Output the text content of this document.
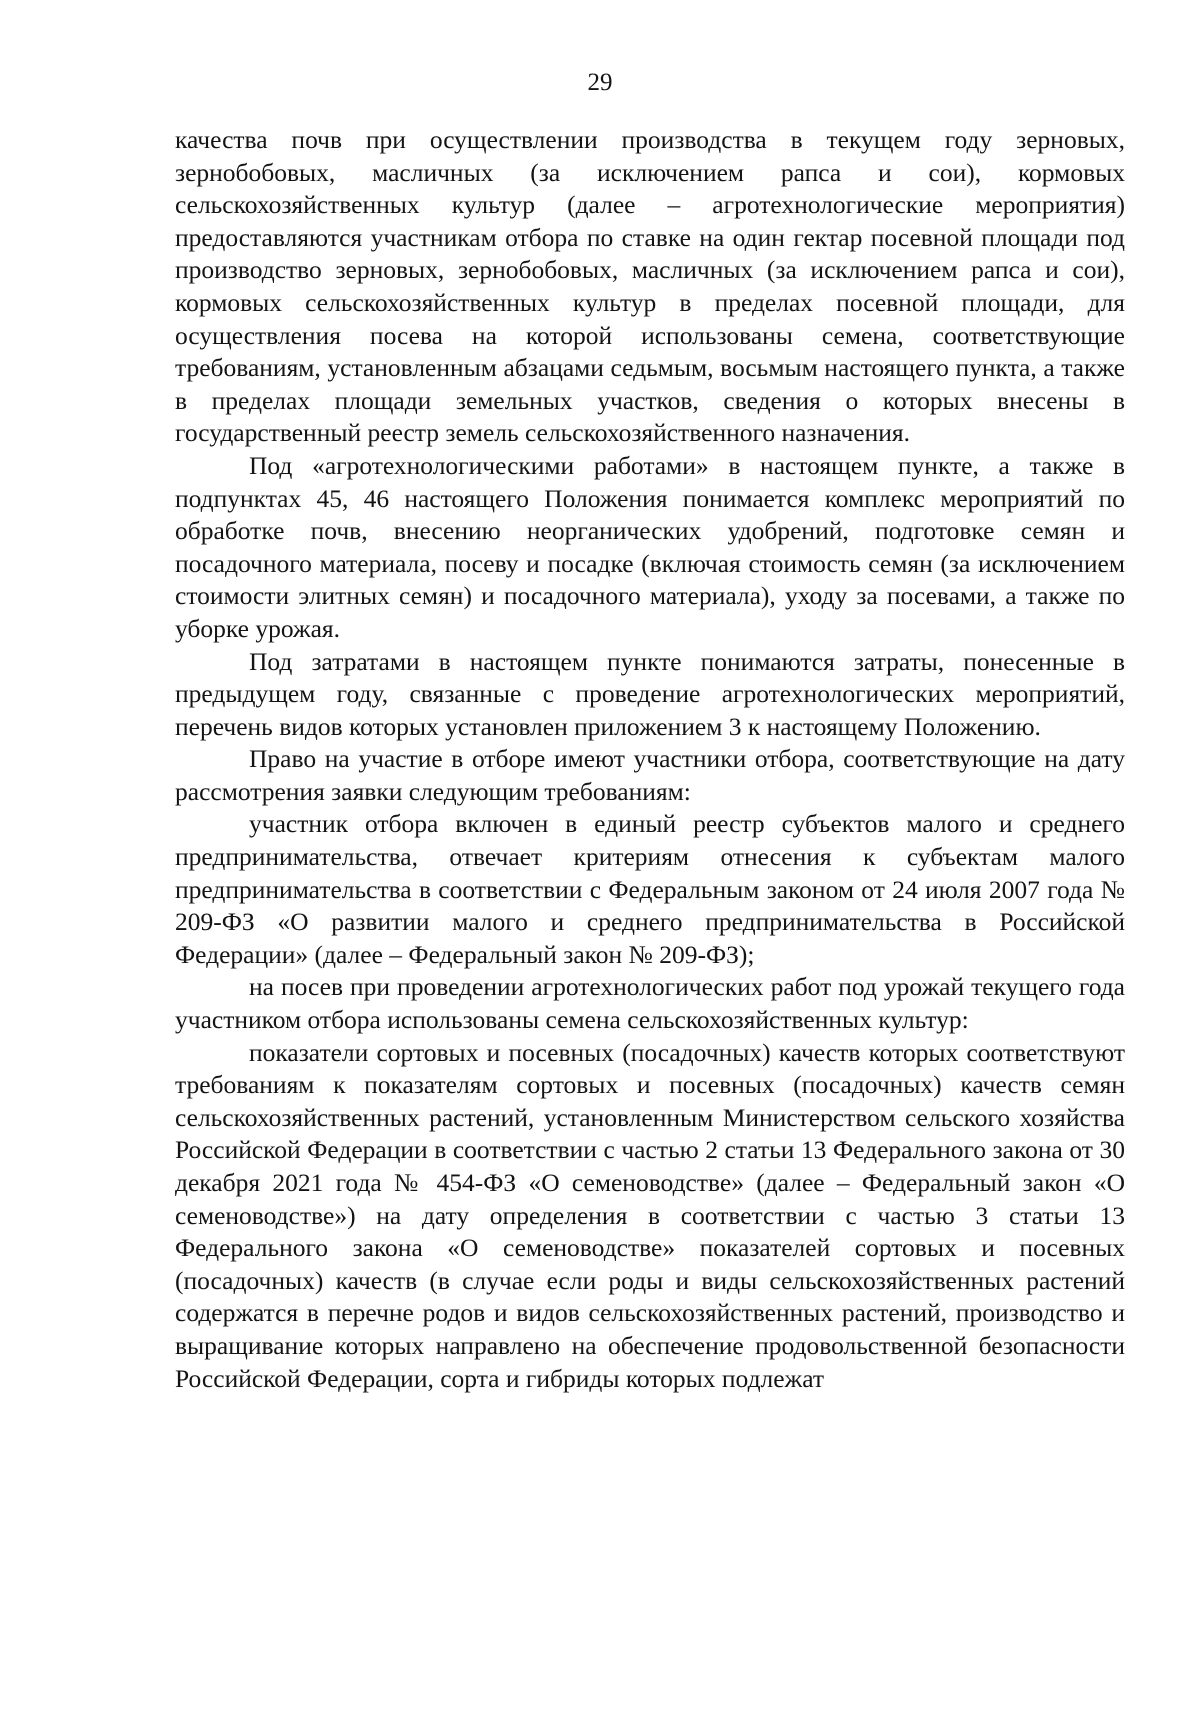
29

качества почв при осуществлении производства в текущем году зерновых, зернобобовых, масличных (за исключением рапса и сои), кормовых сельскохозяйственных культур (далее – агротехнологические мероприятия) предоставляются участникам отбора по ставке на один гектар посевной площади под производство зерновых, зернобобовых, масличных (за исключением рапса и сои), кормовых сельскохозяйственных культур в пределах посевной площади, для осуществления посева на которой использованы семена, соответствующие требованиям, установленным абзацами седьмым, восьмым настоящего пункта, а также в пределах площади земельных участков, сведения о которых внесены в государственный реестр земель сельскохозяйственного назначения.

Под «агротехнологическими работами» в настоящем пункте, а также в подпунктах 45, 46 настоящего Положения понимается комплекс мероприятий по обработке почв, внесению неорганических удобрений, подготовке семян и посадочного материала, посеву и посадке (включая стоимость семян (за исключением стоимости элитных семян) и посадочного материала), уходу за посевами, а также по уборке урожая.

Под затратами в настоящем пункте понимаются затраты, понесенные в предыдущем году, связанные с проведение агротехнологических мероприятий, перечень видов которых установлен приложением 3 к настоящему Положению.

Право на участие в отборе имеют участники отбора, соответствующие на дату рассмотрения заявки следующим требованиям:

участник отбора включен в единый реестр субъектов малого и среднего предпринимательства, отвечает критериям отнесения к субъектам малого предпринимательства в соответствии с Федеральным законом от 24 июля 2007 года № 209-ФЗ «О развитии малого и среднего предпринимательства в Российской Федерации» (далее – Федеральный закон № 209-ФЗ);

на посев при проведении агротехнологических работ под урожай текущего года участником отбора использованы семена сельскохозяйственных культур:

показатели сортовых и посевных (посадочных) качеств которых соответствуют требованиям к показателям сортовых и посевных (посадочных) качеств семян сельскохозяйственных растений, установленным Министерством сельского хозяйства Российской Федерации в соответствии с частью 2 статьи 13 Федерального закона от 30 декабря 2021 года № 454-ФЗ «О семеноводстве» (далее – Федеральный закон «О семеноводстве») на дату определения в соответствии с частью 3 статьи 13 Федерального закона «О семеноводстве» показателей сортовых и посевных (посадочных) качеств (в случае если роды и виды сельскохозяйственных растений содержатся в перечне родов и видов сельскохозяйственных растений, производство и выращивание которых направлено на обеспечение продовольственной безопасности Российской Федерации, сорта и гибриды которых подлежат
